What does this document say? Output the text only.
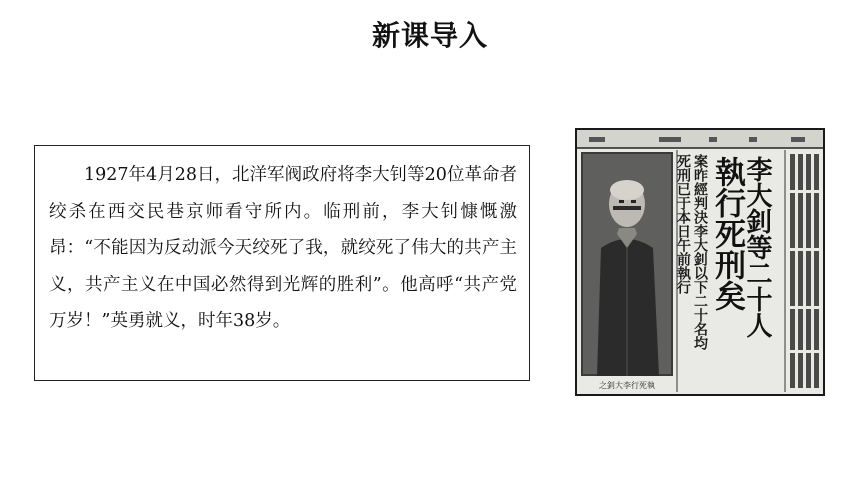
新课导入

1927年4月28日，北洋军阀政府将李大钊等20位革命者绞杀在西交民巷京师看守所内。临刑前，李大钊慷慨激昂：“不能因为反动派今天绞死了我，就绞死了伟大的共产主义，共产主义在中国必然得到光辉的胜利”。他高呼“共产党万岁！”英勇就义，时年38岁。

之釗大李行死執
李大釗等二十人
執行死刑矣
案昨經判決李大釗以下二十名均
死刑已于本日午前執行
